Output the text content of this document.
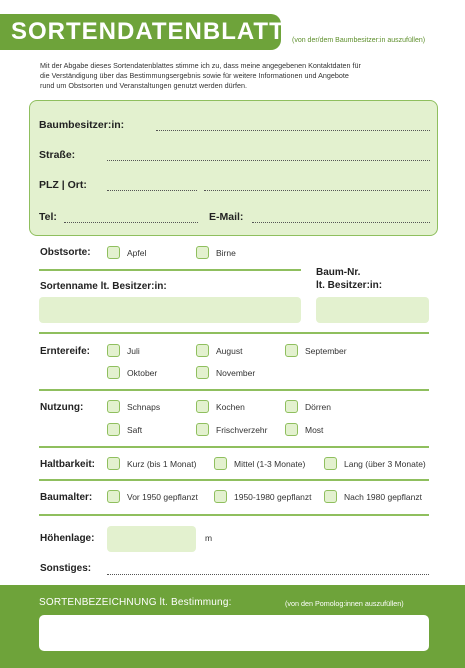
SORTENDATENBLATT (von der/dem Baumbesitzer:in auszufüllen)
Mit der Abgabe dieses Sortendatenblattes stimme ich zu, dass meine angegebenen Kontaktdaten für
die Verständigung über das Bestimmungsergebnis sowie für weitere Informationen und Angebote
rund um Obstsorten und Veranstaltungen genutzt werden dürfen.
Baumbesitzer:in:
Straße:
PLZ | Ort:
Tel:	E-Mail:
Obstsorte:	Apfel	Birne
Sortenname lt. Besitzer:in:
Baum-Nr.
lt. Besitzer:in:
Erntereife:	Juli	August	September
Oktober	November
Nutzung:	Schnaps	Kochen	Dörren
Saft	Frischverzehr	Most
Haltbarkeit:	Kurz (bis 1 Monat)	Mittel (1-3 Monate)	Lang (über 3 Monate)
Baumalter:	Vor 1950 gepflanzt	1950-1980 gepflanzt	Nach 1980 gepflanzt
Höhenlage:	m
Sonstiges:
SORTENBEZEICHNUNG lt. Bestimmung:	(von den Pomolog:innen auszufüllen)
